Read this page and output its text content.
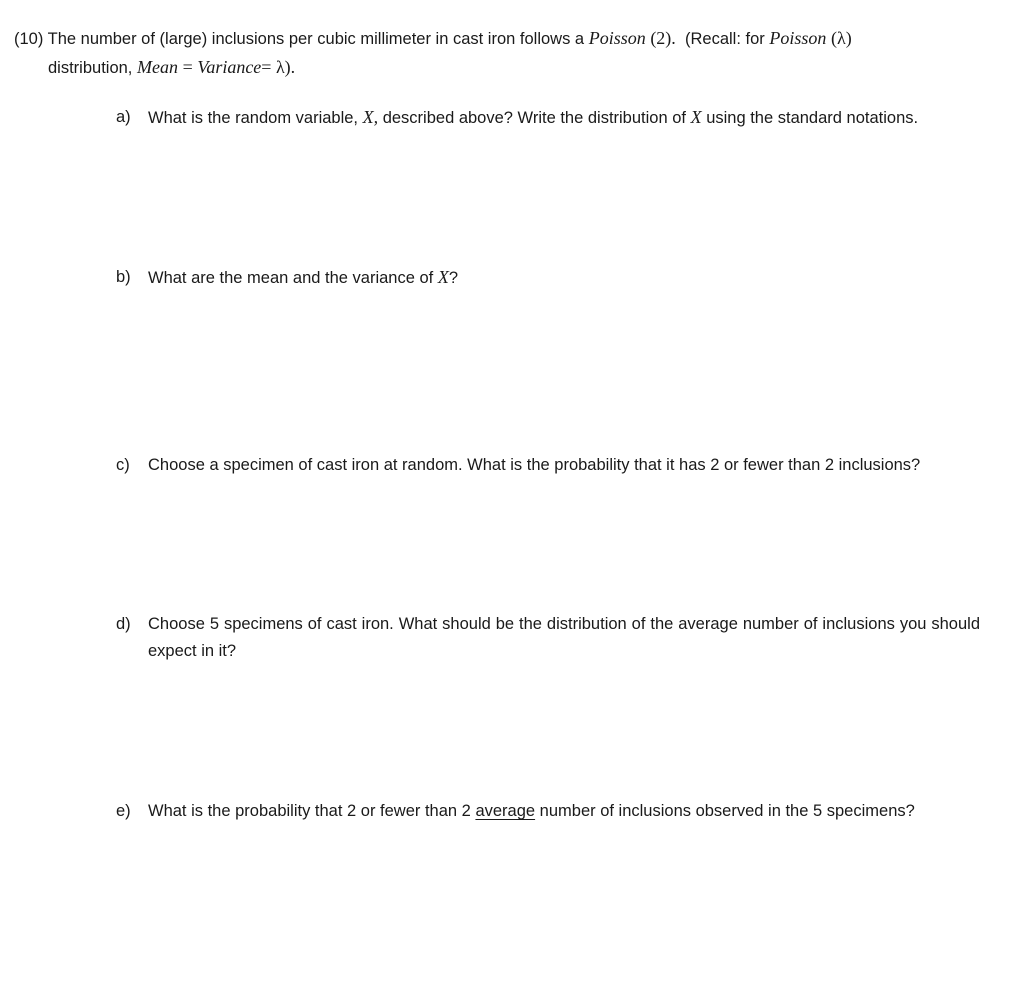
(10) The number of (large) inclusions per cubic millimeter in cast iron follows a Poisson (2). (Recall: for Poisson (λ)
distribution, Mean = Variance= λ).
a)	What is the random variable, X, described above? Write the distribution of X using the standard notations.
b)	What are the mean and the variance of X?
c)	Choose a specimen of cast iron at random. What is the probability that it has 2 or fewer than 2 inclusions?
d)	Choose 5 specimens of cast iron. What should be the distribution of the average number of inclusions you should expect in it?
e)	What is the probability that 2 or fewer than 2 average number of inclusions observed in the 5 specimens?
